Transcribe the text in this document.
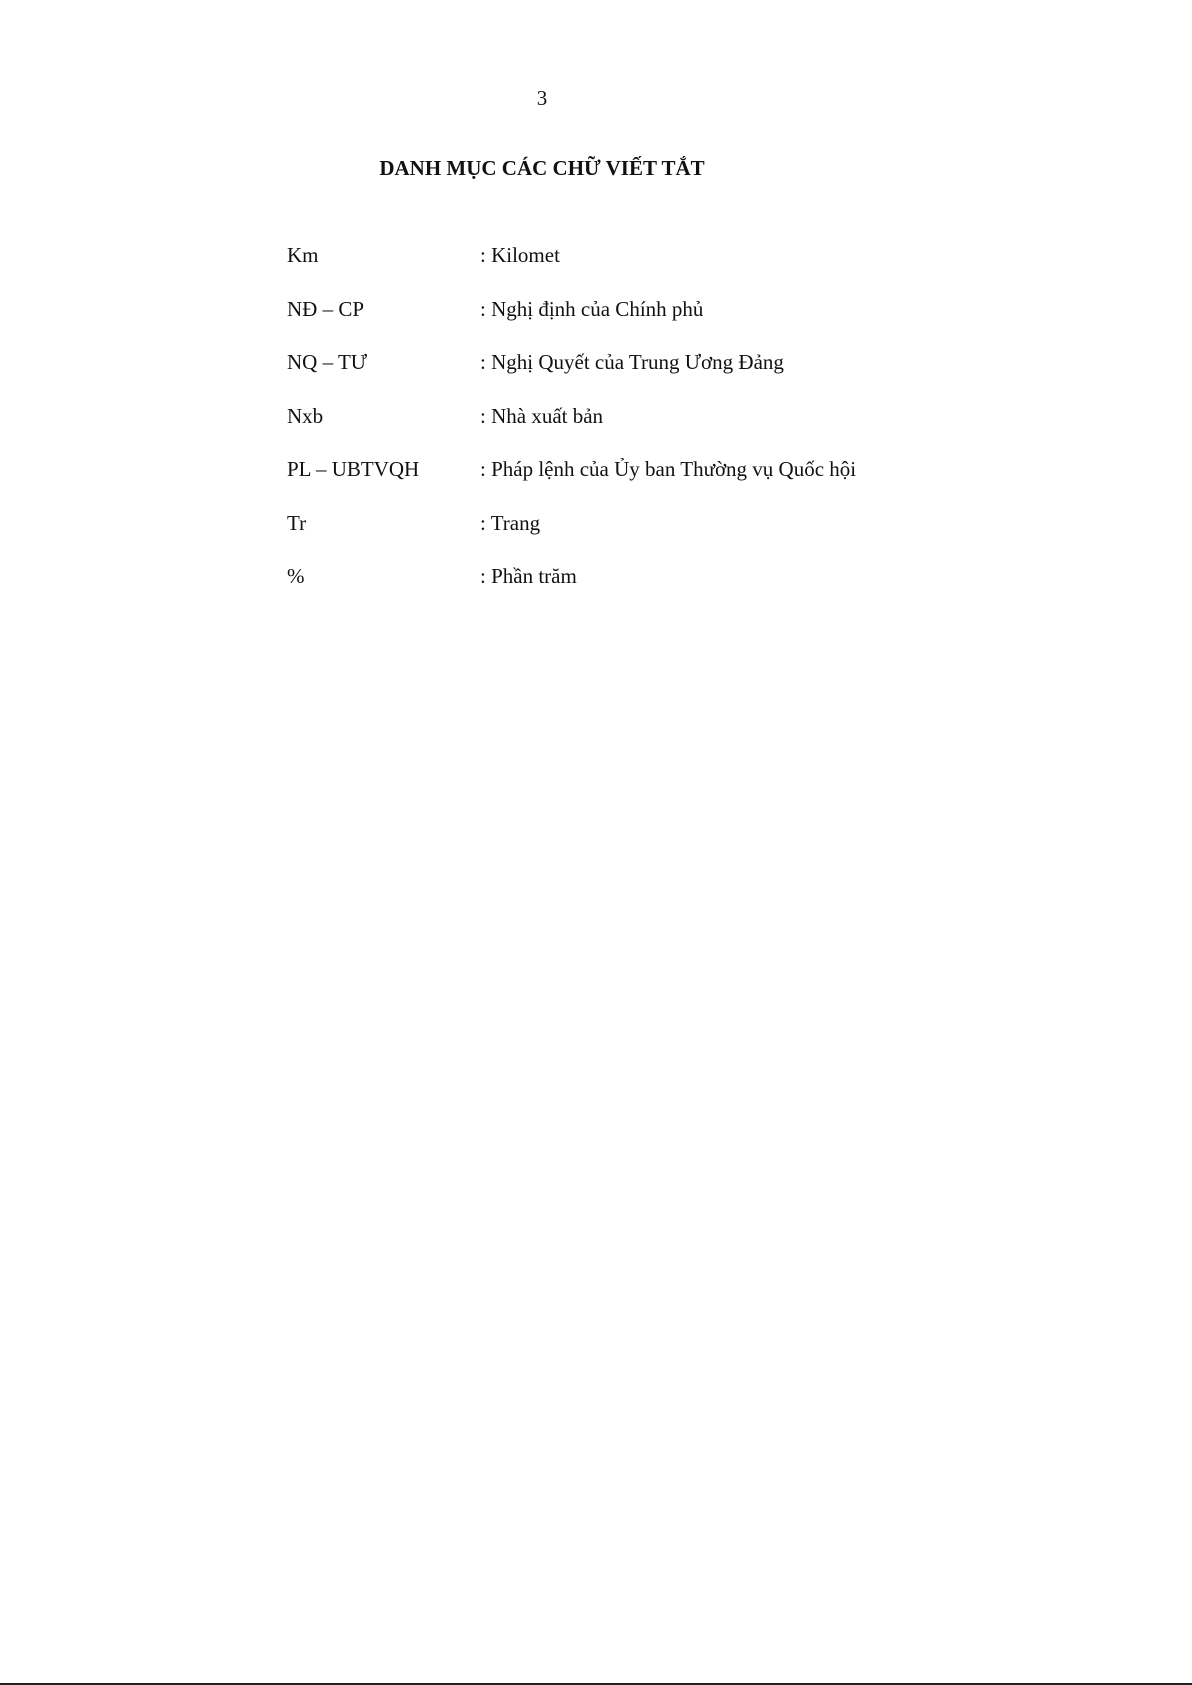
3
DANH MỤC CÁC CHỮ VIẾT TẮT
Km	: Kilomet
NĐ – CP	: Nghị định của Chính phủ
NQ – TƯ	: Nghị Quyết của Trung Ương Đảng
Nxb	: Nhà xuất bản
PL – UBTVQH	: Pháp lệnh của Ủy ban Thường vụ Quốc hội
Tr	: Trang
%	: Phần trăm
